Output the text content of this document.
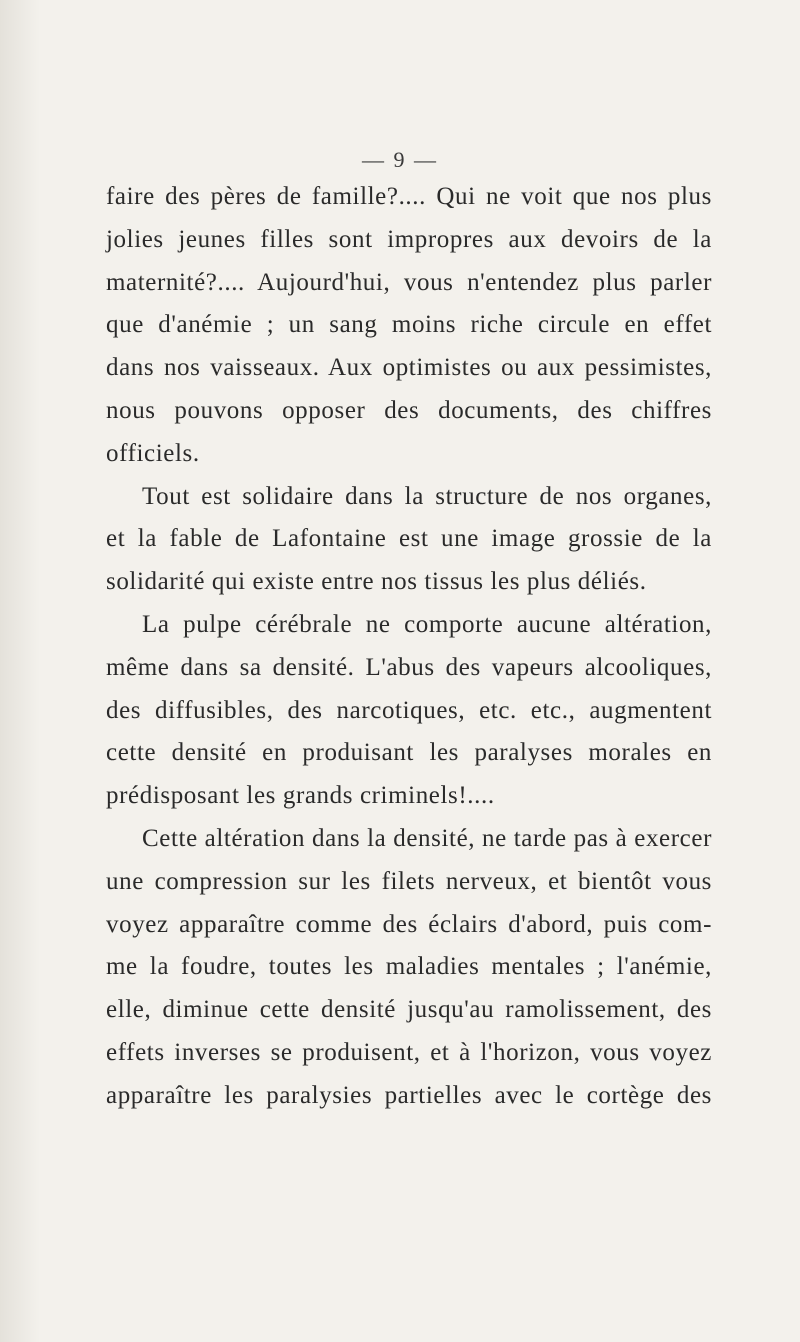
— 9 —
faire des pères de famille?.... Qui ne voit que nos plus
jolies jeunes filles sont impropres aux devoirs de la
maternité?.... Aujourd'hui, vous n'entendez plus parler
que d'anémie ; un sang moins riche circule en effet
dans nos vaisseaux. Aux optimistes ou aux pessimistes,
nous pouvons opposer des documents, des chiffres
officiels.
Tout est solidaire dans la structure de nos organes,
et la fable de Lafontaine est une image grossie de la
solidarité qui existe entre nos tissus les plus déliés.
La pulpe cérébrale ne comporte aucune altération,
même dans sa densité. L'abus des vapeurs alcooliques,
des diffusibles, des narcotiques, etc. etc., augmentent
cette densité en produisant les paralyses morales en
prédisposant les grands criminels!....
Cette altération dans la densité, ne tarde pas à exercer
une compression sur les filets nerveux, et bientôt vous
voyez apparaître comme des éclairs d'abord, puis com-
me la foudre, toutes les maladies mentales ; l'anémie,
elle, diminue cette densité jusqu'au ramolissement, des
effets inverses se produisent, et à l'horizon, vous voyez
apparaître les paralysies partielles avec le cortège des
